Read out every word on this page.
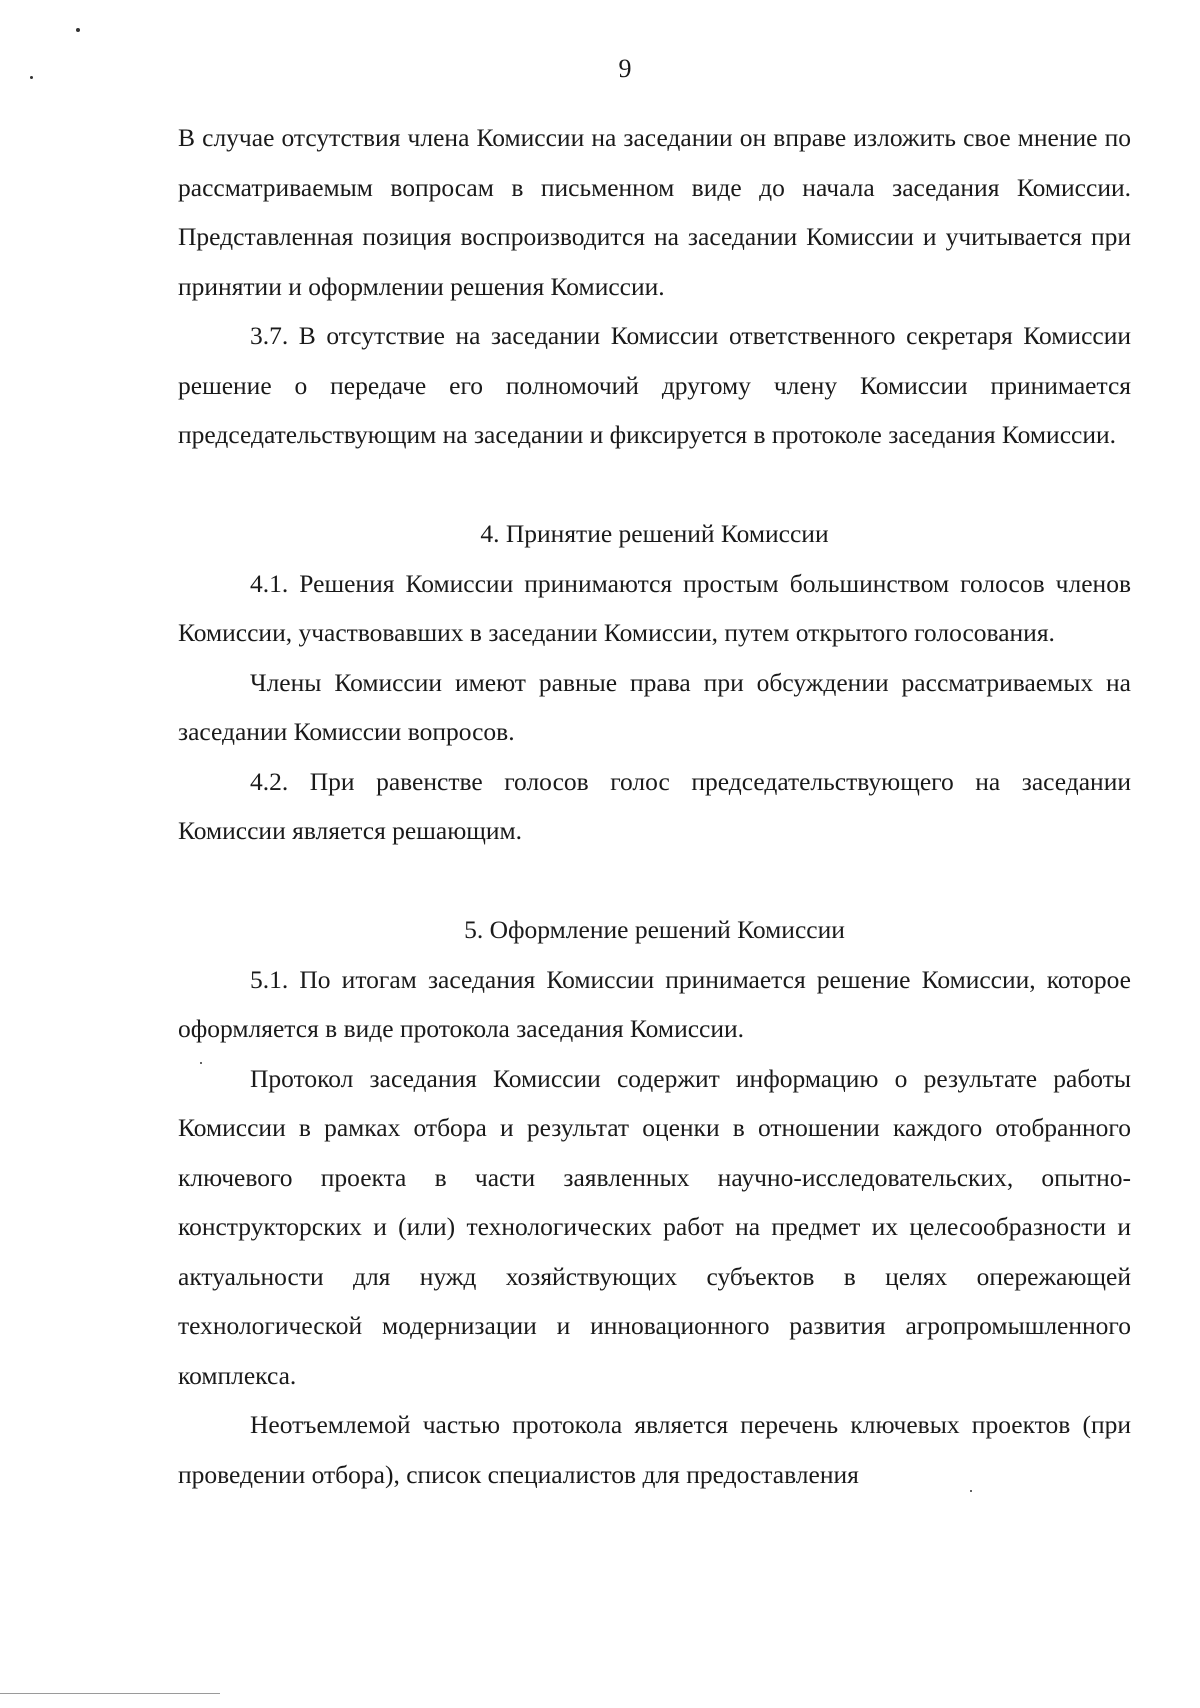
9

В случае отсутствия члена Комиссии на заседании он вправе изложить свое мнение по рассматриваемым вопросам в письменном виде до начала заседания Комиссии. Представленная позиция воспроизводится на заседании Комиссии и учитывается при принятии и оформлении решения Комиссии.

3.7. В отсутствие на заседании Комиссии ответственного секретаря Комиссии решение о передаче его полномочий другому члену Комиссии принимается председательствующим на заседании и фиксируется в протоколе заседания Комиссии.

4. Принятие решений Комиссии

4.1. Решения Комиссии принимаются простым большинством голосов членов Комиссии, участвовавших в заседании Комиссии, путем открытого голосования.

Члены Комиссии имеют равные права при обсуждении рассматриваемых на заседании Комиссии вопросов.

4.2. При равенстве голосов голос председательствующего на заседании Комиссии является решающим.

5. Оформление решений Комиссии

5.1. По итогам заседания Комиссии принимается решение Комиссии, которое оформляется в виде протокола заседания Комиссии.

Протокол заседания Комиссии содержит информацию о результате работы Комиссии в рамках отбора и результат оценки в отношении каждого отобранного ключевого проекта в части заявленных научно-исследовательских, опытно-конструкторских и (или) технологических работ на предмет их целесообразности и актуальности для нужд хозяйствующих субъектов в целях опережающей технологической модернизации и инновационного развития агропромышленного комплекса.

Неотъемлемой частью протокола является перечень ключевых проектов (при проведении отбора), список специалистов для предоставления
